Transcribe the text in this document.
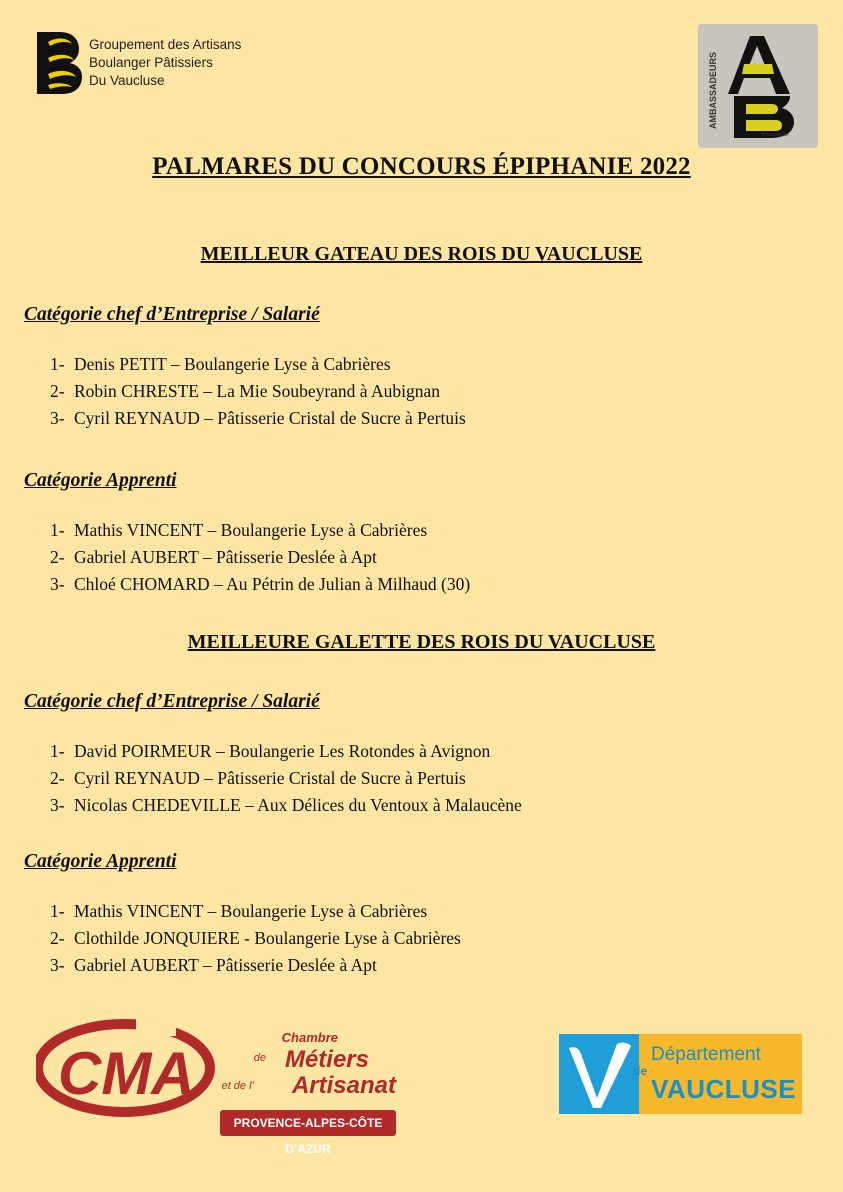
Groupement des Artisans
Boulanger Pâtissiers
Du Vaucluse	AMBASSADEURS
Boulangerie
PALMARES DU CONCOURS ÉPIPHANIE 2022
MEILLEUR GATEAU DES ROIS DU VAUCLUSE
Catégorie chef d’Entreprise / Salarié
1- Denis PETIT – Boulangerie Lyse à Cabrières
2- Robin CHRESTE – La Mie Soubeyrand à Aubignan
3- Cyril REYNAUD – Pâtisserie Cristal de Sucre à Pertuis
Catégorie Apprenti
1- Mathis VINCENT – Boulangerie Lyse à Cabrières
2- Gabriel AUBERT – Pâtisserie Deslée à Apt
3- Chloé CHOMARD – Au Pétrin de Julian à Milhaud (30)
MEILLEURE GALETTE DES ROIS DU VAUCLUSE
Catégorie chef d’Entreprise / Salarié
1- David POIRMEUR – Boulangerie Les Rotondes à Avignon
2- Cyril REYNAUD – Pâtisserie Cristal de Sucre à Pertuis
3- Nicolas CHEDEVILLE – Aux Délices du Ventoux à Malaucène
Catégorie Apprenti
1- Mathis VINCENT – Boulangerie Lyse à Cabrières
2- Clothilde JONQUIERE - Boulangerie Lyse à Cabrières
3- Gabriel AUBERT – Pâtisserie Deslée à Apt
CMA
Chambre
de Métiers
et de l’ Artisanat
PROVENCE-ALPES-CÔTE D’AZUR
de
Département
VAUCLUSE
